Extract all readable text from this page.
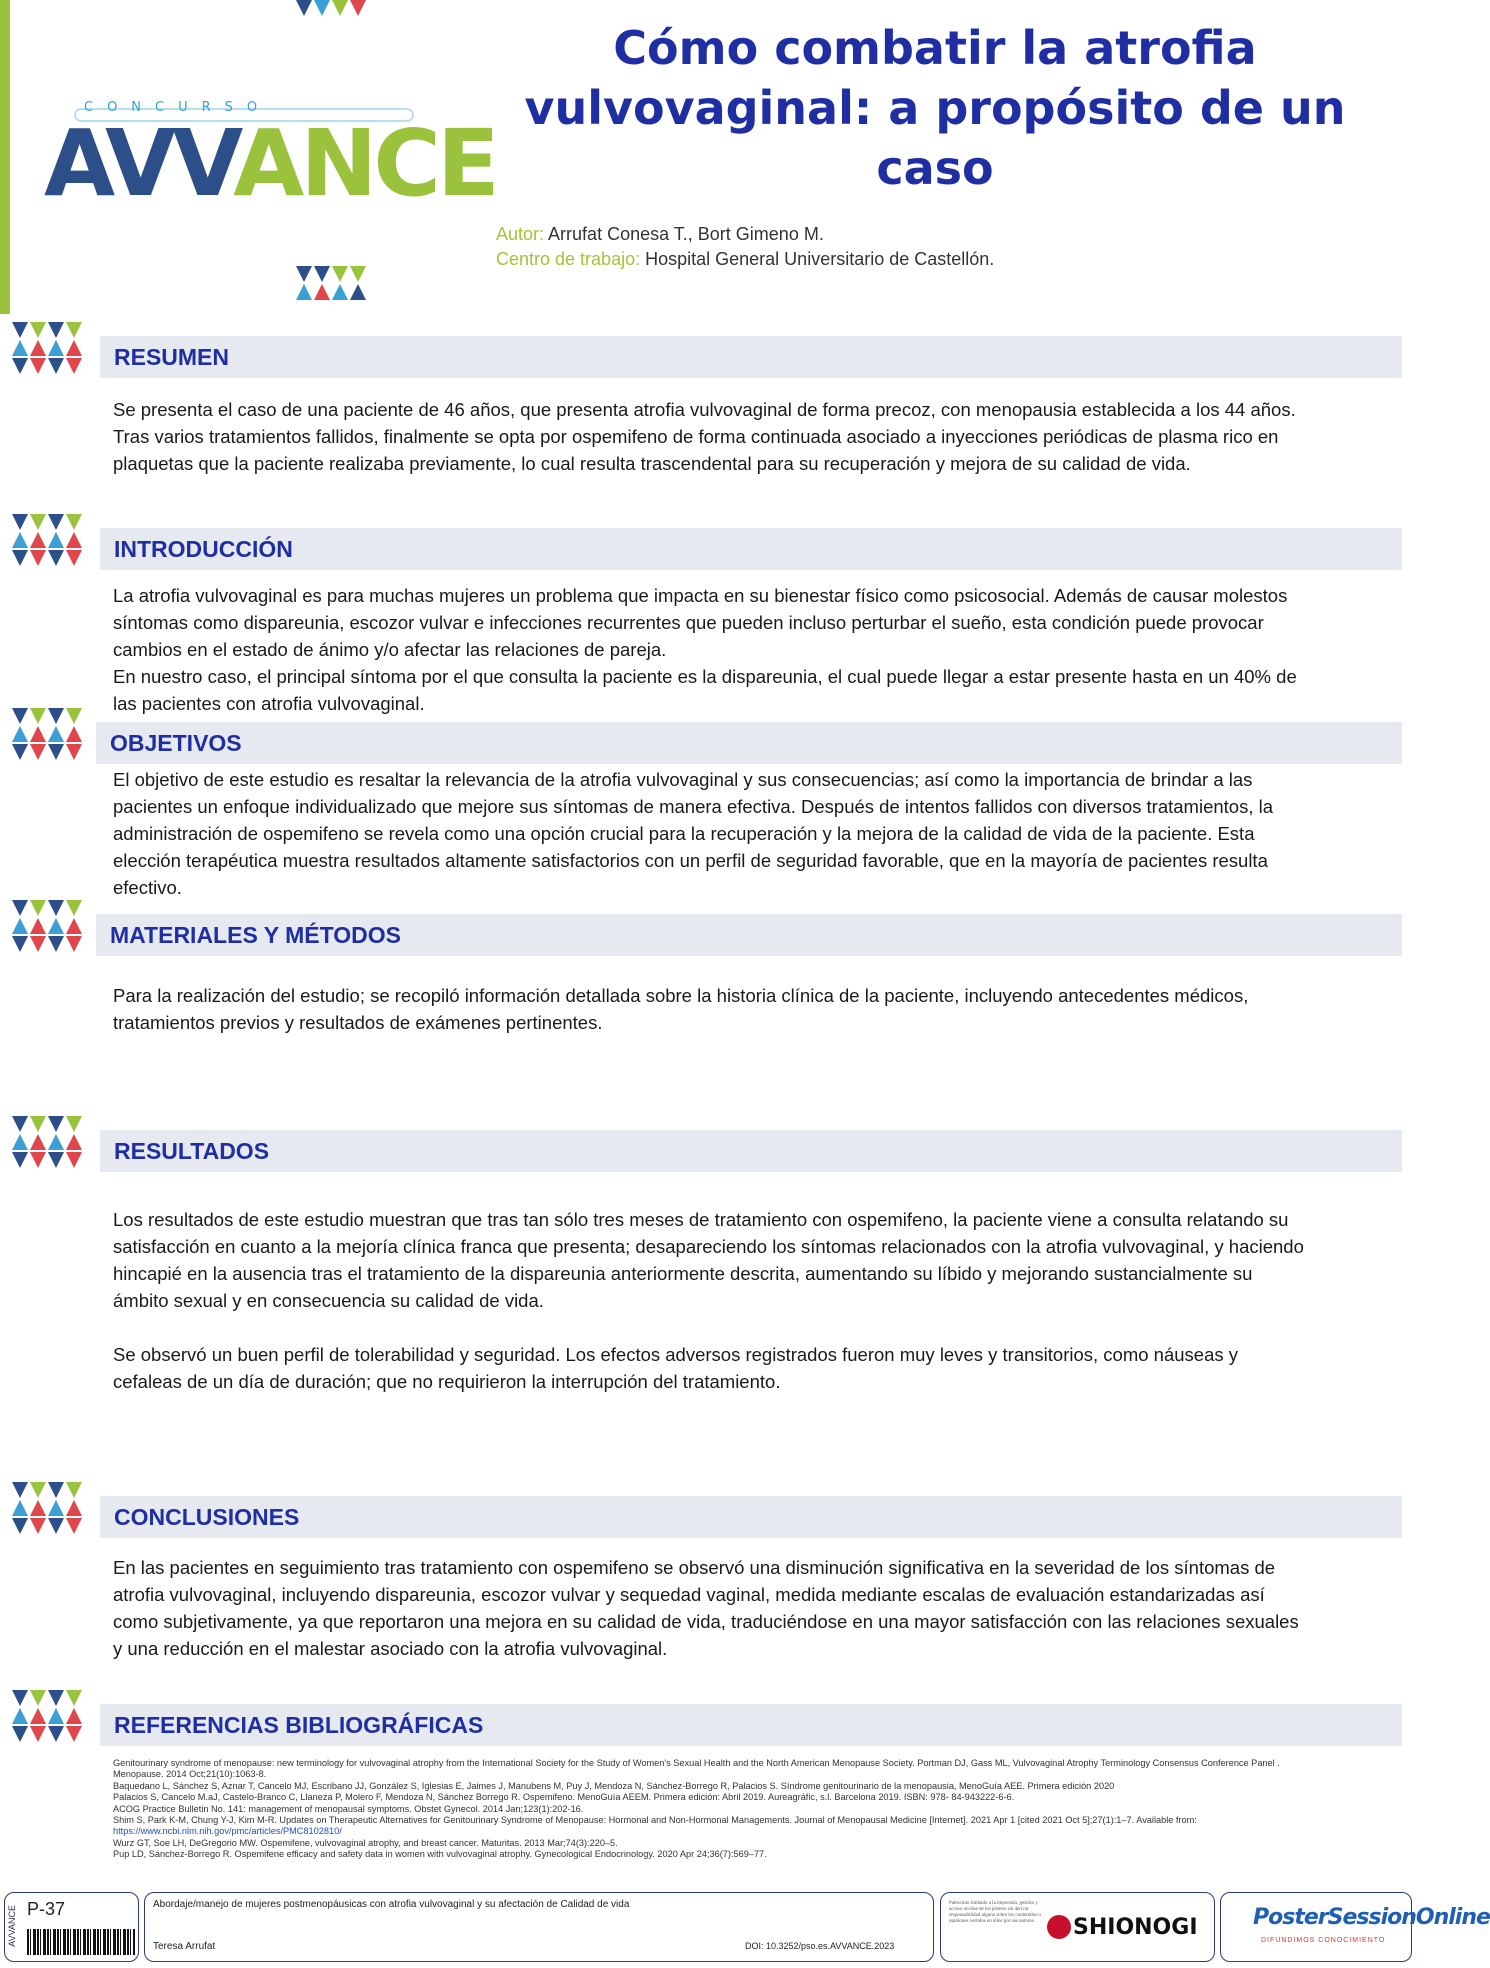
CONCURSO
AVVANCE
Cómo combatir la atrofia vulvovaginal: a propósito de un caso
Autor: Arrufat Conesa T., Bort Gimeno M.
Centro de trabajo: Hospital General Universitario de Castellón.
RESUMEN

Se presenta el caso de una paciente de 46 años, que presenta atrofia vulvovaginal de forma precoz, con menopausia establecida a los 44 años. Tras varios tratamientos fallidos, finalmente se opta por ospemifeno de forma continuada asociado a inyecciones periódicas de plasma rico en plaquetas que la paciente realizaba previamente, lo cual resulta trascendental para su recuperación y mejora de su calidad de vida.

INTRODUCCIÓN

La atrofia vulvovaginal es para muchas mujeres un problema que impacta en su bienestar físico como psicosocial. Además de causar molestos síntomas como dispareunia, escozor vulvar e infecciones recurrentes que pueden incluso perturbar el sueño, esta condición puede provocar cambios en el estado de ánimo y/o afectar las relaciones de pareja.

En nuestro caso, el principal síntoma por el que consulta la paciente es la dispareunia, el cual puede llegar a estar presente hasta en un 40% de las pacientes con atrofia vulvovaginal.

OBJETIVOS

El objetivo de este estudio es resaltar la relevancia de la atrofia vulvovaginal y sus consecuencias; así como la importancia de brindar a las pacientes un enfoque individualizado que mejore sus síntomas de manera efectiva. Después de intentos fallidos con diversos tratamientos, la administración de ospemifeno se revela como una opción crucial para la recuperación y la mejora de la calidad de vida de la paciente. Esta elección terapéutica muestra resultados altamente satisfactorios con un perfil de seguridad favorable, que en la mayoría de pacientes resulta efectivo.

MATERIALES Y MÉTODOS

Para la realización del estudio; se recopiló información detallada sobre la historia clínica de la paciente, incluyendo antecedentes médicos, tratamientos previos y resultados de exámenes pertinentes.

RESULTADOS

Los resultados de este estudio muestran que tras tan sólo tres meses de tratamiento con ospemifeno, la paciente viene a consulta relatando su satisfacción en cuanto a la mejoría clínica franca que presenta; desapareciendo los síntomas relacionados con la atrofia vulvovaginal, y haciendo hincapié en la ausencia tras el tratamiento de la dispareunia anteriormente descrita, aumentando su líbido y mejorando sustancialmente su ámbito sexual y en consecuencia su calidad de vida.

Se observó un buen perfil de tolerabilidad y seguridad. Los efectos adversos registrados fueron muy leves y transitorios, como náuseas y cefaleas de un día de duración; que no requirieron la interrupción del tratamiento.

CONCLUSIONES

En las pacientes en seguimiento tras tratamiento con ospemifeno se observó una disminución significativa en la severidad de los síntomas de atrofia vulvovaginal, incluyendo dispareunia, escozor vulvar y sequedad vaginal, medida mediante escalas de evaluación estandarizadas así como subjetivamente, ya que reportaron una mejora en su calidad de vida, traduciéndose en una mayor satisfacción con las relaciones sexuales y una reducción en el malestar asociado con la atrofia vulvovaginal.

REFERENCIAS BIBLIOGRÁFICAS
Genitourinary syndrome of menopause: new terminology for vulvovaginal atrophy from the International Society for the Study of Women's Sexual Health and the North American Menopause Society. Portman DJ, Gass ML, Vulvovaginal Atrophy Terminology Consensus Conference Panel . Menopause. 2014 Oct;21(10):1063-8.
Baquedano L, Sánchez S, Aznar T, Cancelo MJ, Escribano JJ, González S, Iglesias E, Jaimes J, Manubens M, Puy J, Mendoza N, Sánchez-Borrego R, Palacios S. Síndrome genitourinario de la menopausia, MenoGuía AEE. Primera edición 2020
Palacios S, Cancelo M.aJ, Castelo-Branco C, Llaneza P, Molero F, Mendoza N, Sánchez Borrego R. Ospemifeno. MenoGuía AEEM. Primera edición: Abril 2019. Aureagráfic, s.l. Barcelona 2019. ISBN: 978- 84-943222-6-6.
ACOG Practice Bulletin No. 141: management of menopausal symptoms. Obstet Gynecol. 2014 Jan;123(1):202-16.
Shim S, Park K-M, Chung Y-J, Kim M-R. Updates on Therapeutic Alternatives for Genitourinary Syndrome of Menopause: Hormonal and Non-Hormonal Managements. Journal of Menopausal Medicine [Internet]. 2021 Apr 1 [cited 2021 Oct 5];27(1):1–7. Available from:
https://www.ncbi.nlm.nih.gov/pmc/articles/PMC8102810/
Wurz GT, Soe LH, DeGregorio MW. Ospemifene, vulvovaginal atrophy, and breast cancer. Maturitas. 2013 Mar;74(3):220–5.
Pup LD, Sánchez-Borrego R. Ospemifene efficacy and safety data in women with vulvovaginal atrophy. Gynecological Endocrinology. 2020 Apr 24;36(7):569–77.
AVVANCE P-37	Abordaje/manejo de mujeres postmenopáusicas con atrofia vulvovaginal y su afectación de Calidad de vida
Teresa Arrufat	DOI: 10.3252/pso.es.AVVANCE.2023
Patrocinio limitado a la impresión, gestión y acceso on-line de los pósters sin derivar responsabilidad alguna sobre los contenidos u opiniones vertidos en ellos por sus autores.	SHIONOGI	PosterSessionOnline
DIFUNDIMOS CONOCIMIENTO
